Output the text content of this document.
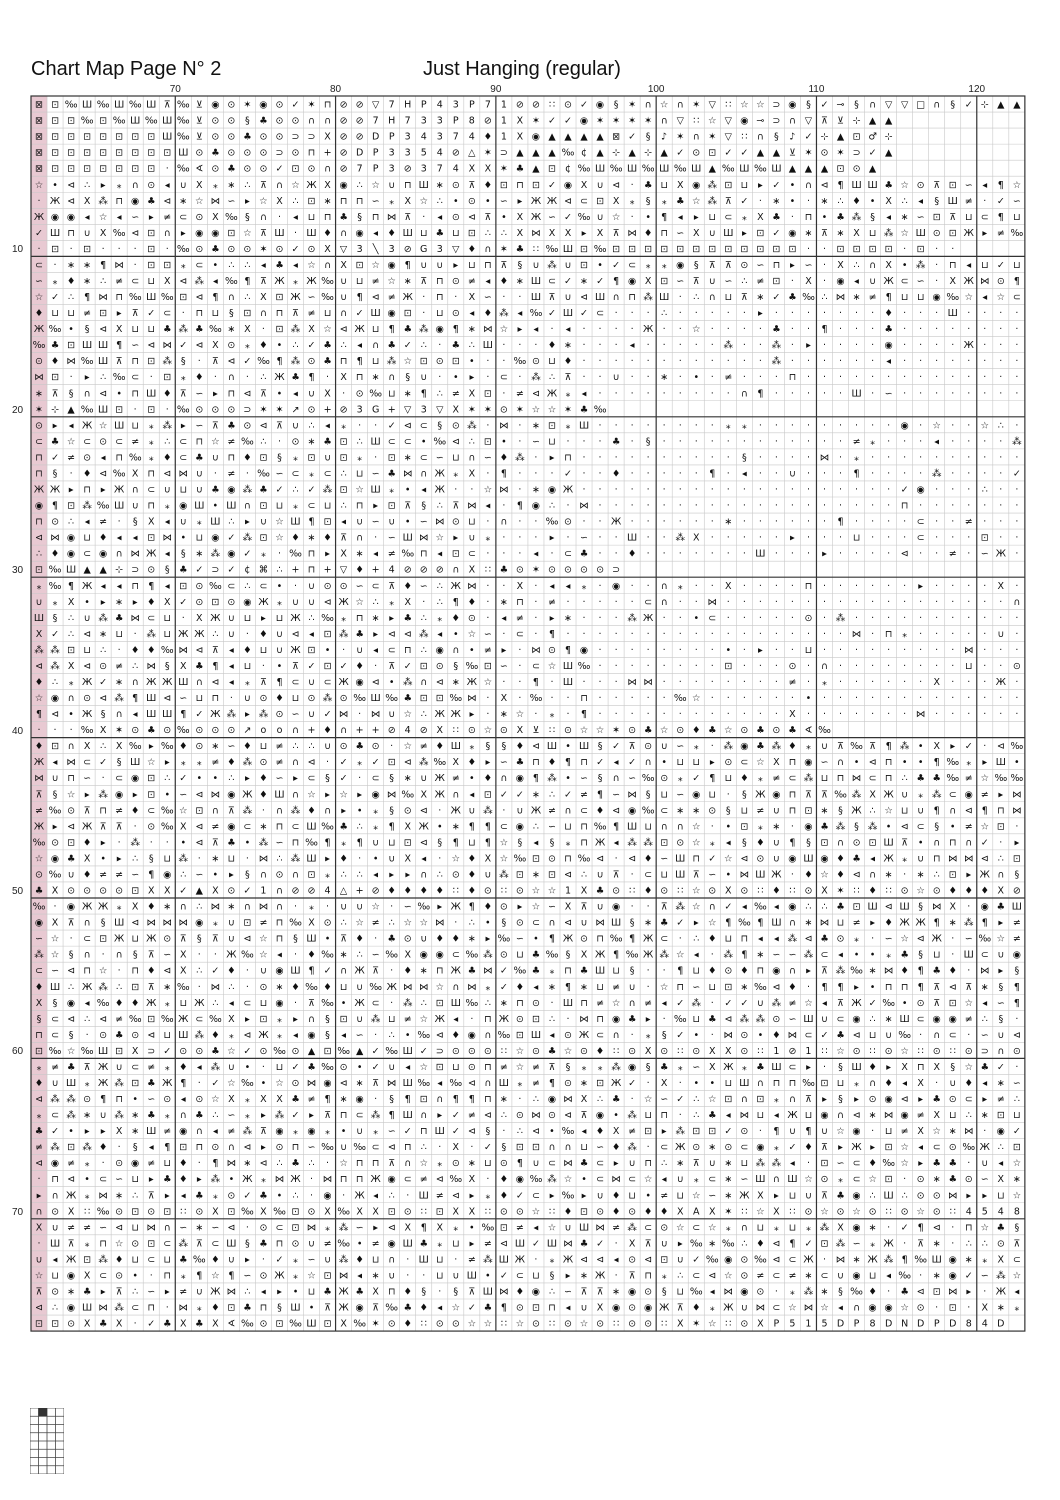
Chart Map Page N° 2	Just Hanging (regular)
70	80	90	100	110	120
10
20
30
40
50
60
70
⊠ ⊡ ‰ Ш ‰ Ш ‰ Ш ⊼ ‰ ⊻ ◉ ⊙ ✶ ◉ ⊙ ✓ ✶ ⊓ ⊘ ⊘ ▽ 7 H P 4 3 P 7 1 ⊘ ⊘ ∷ ⊙ ✓ ◉ § ✶ ∩ ☆ ∩ ✶ ▽ ∷ ☆ ☆ ⊃ ◉ § ✓ ⊸ § ∩ ▽ ▽ □ ∩ § ✓ ⊹ ▲ ▲
⊠ ⊡ ⊡ ‰ ⊡ ‰ Ш ‰ Ш ‰ ⊻ ⊙ ⊙ § ♣ ⊙ ⊙ ∩ ∩ ⊘ ⊘ 7 H 7 3 3 P 8 ⊘ 1 X ✶ ✓ ✓ ◉ ✶ ✶ ✶ ✶ ∩ ▽ ∷ ☆ ▽ ◉ ⊸ ⊃ ∩ ▽ ⊼ ⊻ ⊹ ▲ ▲
⊠ ⊡ ⊡ ⊡ ⊡ ⊡ ⊡ ⊡ Ш ‰ ⊻ ⊙ ⊙ ♣ ⊙ ⊙ ⊃ ⊃ X ⊘ ⊘ D P 3 4 3 7 4 ♦ 1 X ◉ ▲ ▲ ▲ ▲ ⊠ ✓ § ♪ ✶ ∩ ✶ ▽ ∷ ∩ § ♪ ✓ ⊹ ▲ ⊡ ♂ ⊹
⊠ ⊡ ⊡ ⊡ ⊡ ⊡ ⊡ ⊡ ⊡ Ш ⊙ ♣ ⊙ ⊙ ⊙ ⊃ ⊙ ⊓ + ⊘ D P 3 3 5 4 ⊘ △ ✶ ⊃ ▲ ▲ ▲ ‰ ¢ ▲ ⊹ ▲ ⊹ ▲ ✓ ⊙ ⊡ ✓ ✓ ▲ ▲ ⊻ ✶ ⊙ ✶ ⊃ ✓ ▲
⊠ ⊡ ⊡ ⊡ ⊡ ⊡ ⊡ ⊡ · ‰ ∢ ⊙ ♣ ⊙ ⊙ ✓ ⊡ ⊙ ∩ ⊘ 7 P 3 ⊘ 3 7 4 X X ✶ ♣ ▲ ⊡ ¢ ‰ Ш ‰ Ш ‰ Ш ‰ Ш ▲ ‰ Ш ‰ Ш ▲ ▲ ▲ ⊡ ⊙ ▲
☆ • ⊲ ∴ ▸ ⁎ ∩ ⊙ ◂ ∪ X ⁎ ∗ ∴ ⊼ ∩ ☆ Ж X ◉ ∴ ☆ ∪ ⊓ Ш ∗ ⊙ ⊼ ♦ ⊡ ⊓ ⊡ ✓ ◉ X ∪ ⊲ · ♣ ⊔ X ◉ ⁂ ⊡ ⊔ ▸ ✓ • ∩ ⊲ ¶ Ш Ш ♣ ☆ ⊙ ⊼ ⊡ ∽ ◂ ¶ ☆
· Ж ⊲ X ⁂ ⊓ ◉ ♣ ⊲ ∗ ☆ ⋈ ∽ ▸ ☆ X ∴ ⊡ ∗ ⊓ ⊓ ∽ ⁎ X ☆ ∴ • ⊙ • ∽ ▸ Ж Ж ⊲ ⊂ ⊡ X ⁎ § ⁎ ♣ ☆ ⁂ ⊼ ✓ · ∗ • · ∗ ∴ ♦ • X ∴ ◂ § Ш ≠ · ✓ ∽
Ж ◉ ◉ ◂ ☆ ◂ ∽ ▸ ≠ ⊂ ⊙ X ‰ § ∩ · ◂ ⊔ ⊓ ♣ § ⊓ ⋈ ⊼ · ◂ ⊙ ⊲ ⊼ • X Ж ∽ ✓ ‰ ∪ ☆ · • ¶ ◂ ▸ ⊔ ⊂ ⁎ X ♣ · ⊓ • ♣ ⁂ § ◂ ∗ ∽ ⊡ ⊼ ⊔ ⊂ ¶ ⊔
✓ Ш ⊓ ∪ X ‰ ⊲ ⊡ ∩ ▸ ◉ ◉ ⊡ ☆ ⊼ Ш · Ш ♦ ∩ ◉ ◂ ♦ Ш ⊔ ♣ ⊔ ⊡ ∴ ∴ X ⋈ X X ▸ X ⊼ ⋈ ♦ ⊓ ∽ X ∪ Ш ▸ ⊡ ✓ ◉ ∗ ⊼ ∗ X ⊔ ⁂ ☆ Ш ⊙ ⊡ Ж ▸ ≠ ‰
· ⊡ · ⊡ · · · ⊡ · ‰ ⊙ ♣ ⊙ ⊙ ✶ ⊙ ✓ ⊙ X ▽ 3 ╲ 3 ⊘ G 3 ▽ ♦ ∩ ✶ ♣ ∷ ‰ Ш ⊡ ‰ ⊡ ⊡ ⊡ ⊡ ⊡ ⊡ ⊡ ⊡ ⊡ ⊡ ⊡ ⊡ · · ⊡ ⊡ ⊡ ⊡ · ⊡ · ·
⊂ · ∗ ∗ ¶ ⋈ · ⊡ ⊡ ⁎ ⊂ • ∴ ∴ ◂ ♣ ◂ ☆ ∩ X ⊡ ☆ ◉ ¶ ∪ ∪ ▸ ⊔ ⊓ ⊼ § ∪ ⁂ ∪ ⊡ • ✓ ⊂ ⁎ ⁎ ◉ § ⊼ ⊼ ⊙ ∽ ⊓ ▸ ∽ · X ∴ ∩ X • ⁂ · ⊓ ◂ ⊔ ✓ ⊔
∽ ⁎ ♦ ∗ ∴ ≠ ⊂ ⊔ X ⊲ ⁂ ◂ ‰ ¶ ⊼ Ж ⁎ Ж ‰ ∪ ⊔ ≠ ☆ ∗ ⊼ ⊓ ⊙ ≠ ◂ ♦ ∗ Ш ⊂ ✓ ∗ ✓ ¶ ◉ X ⊡ ∽ ⊼ ∪ ∽ ∴ ≠ ⊡ · X · ◉ ◂ ∪ Ж ⊂ ∽ · X Ж ⋈ ⊙ ¶
☆ ✓ ∴ ¶ ⋈ ⊓ ‰ Ш ‰ ⊡ ⊲ ¶ ∩ ∴ X ⊡ Ж ∽ ‰ ∪ ¶ ⊲ ≠ Ж · ⊓ · X ∽ · · Ш ⊼ ∪ ⊲ Ш ∩ ⊓ ⁂ Ш · ∴ ∩ ⊔ ⊼ ∗ ✓ ♣ ‰ ∴ ⋈ ∗ ≠ ¶ ⊔ ⊔ ◉ ‰ ☆ ◂ ☆ ⊂
♦ ⊔ ⊔ ≠ ⊡ ▸ ⊼ ✓ ⊂ · ⊓ ⊔ § ⊡ ∩ ⊓ ⊼ ≠ ⊔ ∩ ✓ Ш ◉ ⊡ · ⊔ ⊙ ◂ ♦ ⁂ ◂ ‰ ✓ Ш ✓ ⊂ · · · ∴ · · · · · ▸ · · · · · · · ♦ · · · Ш · · · ·
Ж ‰ • § ⊲ X ⊔ ⊔ ♣ ⁂ ♣ ‰ ∗ X · ⊡ ⁂ X ☆ ⊲ Ж ⊔ ¶ ♣ ⁂ ◉ ¶ ∗ ⋈ ☆ ▸ ◂ · ◂ · · · · Ж · · ☆ · · · · ♣ · · ¶ · · · ♣ · · · · · · · ·
‰ ♣ ⊡ Ш Ш ¶ ∽ ⊲ ⋈ ✓ ⊲ X ⊙ ⁎ ♦ • ∴ ✓ ♣ ∴ ◂ ∩ ♣ ✓ ∴ · ♣ ∴ Ш · · · ♦ ∗ · · · ◂ · · · · · ⁂ · · ⁂ · ▸ · · · · ◉ · · · · Ж · · ·
⊙ ♦ ⋈ ‰ Ш ⊼ ⊓ ⊡ ⁂ § · ⊼ ⊲ ✓ ‰ ¶ ⁂ ⊙ ♣ ⊓ ¶ ⊔ ⁂ ☆ ⊡ ⊙ ⊡ • · · ‰ ⊙ ⊔ ♦ · · · · · · · · · · · · ⁂ · · · · · · ◂ · · · · · · · ·
⋈ ⊡ · ▸ ∴ ‰ ⊂ · ⊡ ⁎ ♦ · ∩ · ∴ Ж ♣ ¶ · X ⊓ ∗ ∩ § ∪ · • ▸ · ⊂ · ⁂ ∴ ⊼ · · ∪ · · ∗ · • · ≠ · · · ⊓ · · · · · · · · · · · · · ·
∗ ⊼ § ∩ ⊲ • ⊓ Ш ♦ ⊼ ∽ ▸ ⊓ ⊲ ⊼ • ◂ ∪ X · ⊙ ‰ ⊔ ∗ ¶ ∴ ≠ X ⊡ · ≠ ⊲ Ж ⁎ ◂ · · · · · · · · · ∩ ¶ · · · · · Ш · ∽ · · · · · · · ·
✶ ⊹ ▲ ‰ Ш ⊡ · ⊡ · ‰ ⊙ ⊙ ⊙ ⊃ ✶ ✶ ↗ ⊙ + ⊘ 3 G + ▽ 3 ▽ X ✶ ✶ ⊙ ✶ ☆ ☆ ✶ ♣ ‰
⊙ ▸ ◂ Ж ☆ Ш ⊔ ⁎ ⁂ ▸ ∽ ⊼ ♣ ⊙ ⊲ ⊼ ∪ ∴ ◂ ⁎ · · ✓ ⊲ ⊂ § ⊙ ⁂ · ⋈ · ∗ ⊡ ⁎ Ш · · · · · · · · ⁎ ⁎ · · · · · · · · · ◉ · ☆ · · ☆ ∴ ·
⊂ ♣ ☆ ⊂ ⊙ ⊂ ≠ ⁎ ∴ ⊂ ⊓ ☆ ≠ ‰ ∴ · ⊙ ∗ ♣ ⊡ ∴ Ш ⊂ ⊂ • ‰ ⊲ ∴ ⊡ • · ∽ ⊔ · · · ♣ · § · · · · · · · · · · · · ≠ ⁎ · · · ◂ · · · · ⁂
⊓ ✓ ≠ ⊙ ◂ ⊓ ‰ ⁎ ♦ ⊂ ♣ ∪ ⊓ ♦ ⊡ § ⁎ ⊡ ∪ ⊡ ⁎ · ⊡ ∗ ⊂ ∽ ⊔ ∩ ∽ ♦ ⁂ · ▸ ⊓ · · · · · · · · · · § · · · · ⋈ · ⁎ · · · · · · · · · ·
⊓ § · ♦ ⊲ ‰ X ⊓ ⊲ ⋈ ∪ · ≠ · ‰ ∽ ⊂ ⁎ ⊂ ∴ ⊔ ∽ ♣ ⋈ ∩ Ж ⁎ X · ¶ · · · ✓ · · ♦ · · · · · ¶ · ◂ · · ∪ · · · ¶ · · · · ⁂ · · · · ✓
Ж Ж ▸ ⊓ ▸ Ж ∩ ⊂ ∪ ⊔ ∪ ♣ ◉ ⁂ ♣ ✓ ∴ ✓ ⁂ ⊡ ☆ Ш ⁎ • ◂ Ж · · ☆ ⋈ · ∗ ◉ Ж · · · · · · · · · · · · · · · · · · · · ✓ ◉ · · · ∴ · ·
◉ ¶ ⊡ ⁂ ‰ Ш ∪ ⊓ ⁎ ◉ Ш • Ш ∩ ⊡ ⊔ ⁎ ⊂ ⊔ ∴ ⊓ ▸ ⊡ ⊼ § ∴ ⊼ ⋈ ◂ · ¶ ◉ ∴ · ⋈ · · · · · · · · · · · · · · · · · · · ⊓ · · · · · · ·
⊓ ⊙ ∴ ◂ ≠ · § X ◂ ∪ ⁎ Ш ∴ ▸ ∪ ☆ Ш ¶ ⊡ ◂ ∪ ∽ ∪ • ∽ ⋈ ⊙ ⊔ · ∩ · · ‰ ⊙ · · Ж · · · · · · ∗ · · · · · · ¶ · · · · ⊂ · · ≠ · · ·
⊲ ⋈ ◉ ⊔ ♦ ◂ ◂ ⊡ ⋈ • ⊔ ◉ ✓ ⁂ ⊡ ☆ ♦ ∗ ♦ ⊼ ∩ · ∽ Ш ⋈ ☆ ▸ ∪ ⁎ · · · ▸ · ∽ · · Ш · · ⁂ X · · · · · ▸ · · · ⊔ · · · ⊂ · · · ⊡ · ·
∴ ♦ ◉ ⊂ ◉ ∩ ⋈ Ж ◂ § ∗ ⁂ ◉ ✓ ⁎ · ‰ ⊓ ▸ X ∗ ◂ ≠ ‰ ⊓ ◂ ⊡ ⊂ · · · ◂ · ⊂ ♣ · · ♦ · · · · · · · Ш · · · ▸ · · · · ⊲ · · ≠ · ∽ Ж ·
⊡ ‰ Ш ▲ ▲ ⊹ ⊃ ⊙ § ♣ ✓ ⊃ ✓ ¢ ⌘ ∴ + ⊓ + ▽ ♦ + 4 ⊘ ⊘ ⊘ ∩ X ∷ ♣ ⊙ ✶ ⊙ ⊙ ⊙ ⊙ ⊃
⁎ ‰ ¶ Ж ◂ ◂ ⊓ ¶ ◂ ⊡ ⊙ ‰ ⊂ ∴ ⊂ • · ∪ ⊙ ⊙ ∽ ⊂ ⊼ ♦ ∽ ∴ Ж ⋈ · · X · ◂ ◂ ⁎ · ◉ · · ∩ ⁎ · · X · · · · ⊓ · · · · · · ▸ · · · · X ·
∪ ⁎ X • ▸ ∗ ▸ ♦ X ✓ ⊙ ⊡ ⊙ ◉ Ж ⁎ ∪ ∪ ⊲ Ж ☆ ∴ ⁎ X · ∴ ¶ ♦ · ∗ ⊓ · ≠ · · · · · ⊂ ∩ · · ⋈ · · · · · · · · · · · · · · · · · · ∩
Ш § ∴ ∪ ⁂ ♣ ⋈ ⊂ ⊔ · X Ж ∪ ⊔ ▸ ⊔ Ж ∴ ‰ ⁎ ⊓ ∗ ▸ ♣ ∴ ⁎ ♦ ⊙ · ◂ ≠ · ▸ ∗ · · · ⁂ Ж · · • ⊂ · · · · · ⊙ · ⁂ · · · · · · · · · · ·
X ✓ ∴ ⊲ ∗ ⊔ · ⁂ ⊔ Ж Ж ∴ ∪ · ♦ ∪ ⊲ ◂ ⊡ ⁂ ♣ ▸ ⊲ ⊲ ⁂ ◂ • ☆ ∽ · ⊂ · ¶ · · · · · · · · · · · · · · · · · · ⋈ · ⊓ ⁎ · · · · · ∪ ·
⁂ ⁂ ⊡ ⊔ ∴ · ♦ ♦ ‰ ⋈ ⊲ ⊼ ◂ ♦ ⊔ ∪ Ж ⊡ • · ∪ ◂ ⊂ ⊓ ∴ ◉ ∩ • ≠ ▸ · ⋈ ⊙ ¶ ◉ · · · · · · · · • · ▸ · · ⊔ · · · · · · · · · ⋈ · · ·
⊲ ⁂ X ⊲ ⊙ ≠ ∴ ⋈ § X ♣ ¶ ◂ ⊔ · • ⊼ ✓ ⊡ ✓ ♦ · ⊼ ✓ ⊡ ⊙ § ‰ ⊡ ∽ · ⊂ ☆ Ш ‰ · · · · · · · · ⊡ · · · ⊙ · ∩ · · · · · · · · ⊔ · · ⊙
♦ ∴ ⁎ Ж ✓ ∗ ∩ Ж Ж Ш ∩ ⊲ ◂ ⁎ ⊼ ¶ ⊂ ∪ ⊂ Ж ◉ ⊲ • ⁂ ∩ ⊲ ∗ Ж ☆ · · ¶ · Ш · · · ⋈ ⋈ · · · · · · · · ≠ · ⁎ · · · · · · X · · · Ж ·
☆ ◉ ∩ ⊙ ⊲ ⁂ ¶ Ш ⊲ ∽ ⊔ ⊓ · ∪ ⊙ ♦ ⊔ ⊙ ⁂ ⊙ ‰ Ш ‰ ♣ ⊡ ⊡ ‰ ⋈ · X · ‰ · · ⊓ · · · · · ‰ ☆ · · · · · · • · · · · · · · · · · · · ·
¶ ⊲ • Ж § ∩ ◂ Ш Ш ¶ ✓ Ж ⁂ ▸ ⁂ ⊙ ∽ ∪ ✓ ⋈ · ⋈ ∪ ☆ ∴ Ж Ж ▸ · ∗ ☆ · ⁎ · ¶ · · · · · · · · · · · · X · · · · · · · ⋈ · · · · · ·
· · · ‰ X ✶ ⊙ ♣ ⊙ ‰ ⊙ ⊙ ⊙ ↗ o o ∩ + ♦ ∩ + + ⊘ 4 ⊘ X ∷ ⊙ ☆ ⊙ X ⊻ ∷ ⊙ ☆ ☆ ✶ ⊙ ♣ ☆ ⊙ ♦ ♣ ☆ ⊙ ♣ ⊙ ♣ ∢ ‰
♦ ⊡ ∩ X ∴ X ‰ ▸ ‰ ♦ ⊙ ∗ ∽ ♦ ⊔ ≠ ∴ ∴ ∪ ⊙ ♣ ⊙ · ☆ ≠ ♦ Ш ⁎ § § ♦ ⊲ Ш • Ш § ✓ ⊼ ⊙ ∪ ∽ ⁎ · ⁂ ◉ ♣ ⁂ ♦ ⁎ ∪ ⊼ ‰ ⊼ ¶ ⁂ • X ▸ ✓ · ⊲ ‰
Ж ◂ ⋈ ⊂ ✓ § Ш ☆ ▸ ⁎ ⁎ ≠ ♦ ⁂ ⊙ ≠ ∩ ⊲ · ✓ ⁎ ✓ ⊡ ⊲ ⁂ ‰ X ♦ ▸ ∽ ♣ ⊓ ♦ ¶ ⊓ ✓ ◂ ✓ ∩ • ⊔ ⊔ ▸ ⊙ ⊂ ☆ X ⊓ ◉ ∽ ∩ • ⊲ ⊓ • • ¶ ‰ ⁎ ▸ Ш •
⋈ ∪ ⊓ ∽ · ⊂ ◉ ⊡ ∴ ✓ • • ∴ ▸ ♦ ∽ ▸ ⊂ § ✓ · ⊂ § ∗ ∪ Ж ≠ • ♦ ∩ ◉ ¶ ⁂ • ∽ § ∩ ∽ ‰ ⊙ ⁎ ✓ ¶ ⊔ ♦ ⁎ ≠ ⊂ ⁂ ⊔ ⊓ ⋈ ⊂ ⊓ ∴ ♣ ♣ ‰ ≠ ☆ ‰ ‰
⊼ § ☆ ▸ ⁂ ◉ ▸ ⊡ • ∽ ⊲ ⋈ ◉ Ж ♦ Ш ∩ ☆ ▸ ☆ ▸ ◉ ⋈ ‰ X Ж ∩ ◂ ⊡ ✓ ✓ ∗ ∴ ✓ ≠ ¶ ∽ ⋈ § ⊔ ∽ ◉ ⊔ · § Ж ◉ ⊓ ⊼ ⊼ ‰ ⁂ X Ж ∪ ⁎ ⁂ ⊂ ◉ ≠ ▸ ⋈
≠ ‰ ⊙ ⊼ ⊓ ≠ ♦ ⊂ ‰ ☆ ⊡ ∩ ⊼ ⁂ · ∩ ⁂ ♦ ∩ ▸ • ⁎ § ⊙ ⊲ · Ж ∪ ⁂ · ∪ Ж ≠ ∩ ⊂ ♦ ⊲ ◉ ‰ ⊂ ∗ ∗ ⊙ § ⊔ ≠ ∪ ⊓ ⊡ ∗ § Ж ∴ ☆ ⊔ ∪ ¶ ∩ ⊲ ¶ ⊓ ⋈
Ж ▸ ⊲ Ж ⊼ ⊼ · ⊙ ‰ X ⊲ ≠ ◉ ⊂ ∗ ⊓ ⊂ Ш ‰ ♣ ∴ ⁎ ¶ X Ж • ∗ ¶ ¶ ⊂ ◉ ∴ ∽ ⊔ ⊓ ‰ ¶ Ш ⊔ ∩ ∩ ☆ · • ⊡ ⁎ ∗ · ◉ ♣ ⁂ § ⁂ • ⊲ ⊂ § • ≠ ☆ ⊡ ·
‰ ⊙ ⊡ ♦ ▸ · ⁂ · · • ⊲ ⊼ ♣ • ⁂ ∽ ⊓ ‰ ¶ ⁎ ¶ ∪ ⊔ ⊡ ⊲ § ¶ ⊔ ¶ ☆ § ◂ § ⁎ ⊓ Ж ◂ ⁂ ⁂ ⊡ ⊙ ☆ ⁎ ◂ § ♦ ∪ ¶ § ⊡ ∩ ⊙ ⊡ Ш ⊼ • ∩ ⊓ ∩ ✓ · ▸
☆ ◉ ♣ X • ▸ ∴ § ⊔ ⁂ · ∗ ⊔ · ⋈ ∴ ⁂ Ш ▸ ♦ · • ∪ X ◂ · ☆ ♦ X ☆ ‰ ⊡ ⊙ ⊓ ‰ ⊲ · ⊲ ♦ ∽ Ш ⊓ ✓ ☆ ⊲ ⊙ ∪ ◉ Ш ◉ ♦ ♣ ◂ Ж ⁎ ∪ ⊓ ⋈ ⋈ ⊲ ∴ ⊡
⊙ ‰ ∪ ♦ ≠ ≠ ∽ ¶ ◉ ∴ ∽ • ▸ § ∩ ⊙ ∩ ⊡ ⁎ ∴ ∴ ◂ ▸ ▸ ∩ ∴ ⊙ ♦ ∪ ⁂ ⊡ ∗ ⊡ ⊲ ∴ ∪ ⊼ · ⊂ ⊔ Ш ⊼ ∽ • ⋈ Ш Ж · ♦ ☆ ♦ ⊲ ∩ ∗ · ∗ ∴ ⊡ ▸ Ж ∩ §
♣ X ⊙ ⊙ ⊙ ⊙ ⊡ X X ✓ ▲ X ⊙ ✓ 1 ∩ ⊘ ⊘ 4 △ + ⊘ ♦ ♦ ♦ ♦ ∷ ♦ ⊙ ∷ ⊙ ☆ ☆ 1 X ♣ ⊙ ∷ ♦ ⊙ ∷ ☆ ⊙ X ⊙ ∷ ♦ ∷ ⊙ X ✶ ∷ ♦ ∷ ⊙ ☆ ⊙ ♦ ♦ ♦ X ⊘
‰ · ◉ Ж Ж ⁎ X ♦ ∗ ∩ ∴ ⋈ ∗ ∩ ⋈ ∩ · ⁎ · ∪ ∪ ☆ · ∽ ‰ ▸ Ж ¶ ♦ ⊙ ▸ ☆ ∽ X ⊼ ∪ ◉ · · ⊼ ⁂ ☆ ∩ ✓ ◂ ‰ ◂ ◉ ∴ ∴ ♣ ⊡ Ш ⊲ Ш § ⋈ X · ◉ ♣ Ш
◉ X ⊼ ∩ § Ш ⊲ ⋈ ⋈ ⋈ ◉ ⁎ ∪ ⊡ ≠ ⊓ ‰ X ⊙ ∴ ☆ ≠ ∴ ☆ ☆ ⋈ · ∴ • § ⊙ ⊂ ∩ ⊲ ∪ ⋈ Ш § ∗ ♣ ✓ ▸ ☆ ¶ ‰ ¶ Ш ∩ ∗ ⋈ ⊔ ≠ ▸ ♦ Ж Ж ¶ ∗ ⁂ ¶ ▸ ≠
∽ ☆ · ⊂ ⊡ Ж ⊔ Ж ⊙ ⊼ § ⊼ ∪ ⊲ ☆ ⊓ § Ш • ⊼ ♦ · ♣ ⊙ ∪ ♦ ♦ ∗ ▸ ‰ ∽ • ¶ Ж ⊙ ⊓ ‰ ¶ Ж ⊂ · ∴ ♦ ⊔ ⊓ ◂ ◂ ⁂ ⊲ ♣ ⊙ ⁎ · ∽ ☆ ⊲ Ж · ∽ ‰ ☆ ≠
⁂ ☆ § ∩ · ∩ § ⊼ ∽ X · · Ж ‰ ☆ ◂ · ♦ ‰ ∗ ∴ ∽ ‰ X ◉ ◉ ⊂ ‰ ⁂ ⊙ ⊔ ♣ ‰ § X Ж ¶ ‰ Ж ⁂ ☆ ◂ · ⁂ ¶ ∗ ∽ ∽ ⁂ ⊂ ◂ • • ⁎ ♣ § ⊔ · Ш ⊂ ∪ ◉
⊂ ∽ ⊲ ⊓ ☆ · ⊓ ♦ ⊲ X ∴ ✓ ♦ · ∪ ◉ Ш ¶ ✓ ∩ Ж ⊼ · ♦ ∗ ⊓ Ж ♣ ⋈ ✓ ‰ ♣ ⁎ ⊓ ♣ Ш ⊔ § · · ¶ ⊔ ♦ ⊙ ♦ ⊓ ◉ ∩ ▸ ⊼ ⁂ ‰ ∗ ⋈ ♦ ¶ ♣ ♦ · ⋈ ▸ §
♦ Ш ∴ Ж ⁂ ∴ ⊡ ⊼ ∗ ‰ · ⋈ ∴ · ⊙ ∗ ♦ ‰ ♦ ⊔ ∪ ‰ Ж ⋈ ⋈ ☆ ∩ ⋈ ⁎ ✓ ♦ ◂ ∗ ¶ ∗ ⊔ ≠ ∪ · ☆ ⊓ ∽ ⊔ ⊡ ∗ ‰ ⊲ ♦ · ¶ ¶ ▸ • ⊓ ⊓ ¶ ⊼ ⊲ ⊼ ∗ § ¶
X § ◉ ◂ ‰ ♦ ♦ Ж ⁎ ⊔ Ж ∴ ◂ ⊂ ⊔ ◉ · ⊼ ‰ • Ж ⊂ · ⁂ ∴ ⊡ Ш ‰ ∴ ∗ ⊓ ⊙ · Ш ⊓ ≠ ☆ ∩ ≠ ◂ ✓ ⁂ · ✓ ✓ ∪ ⁂ ≠ ☆ ◂ ⊼ Ж ✓ ‰ • ⊙ ⊼ ⊡ ☆ ◂ ∽ ¶
§ ⊂ ⊲ ∴ ⊲ ≠ ‰ ⊡ ‰ Ж ⊂ ‰ X ▸ ⊡ ⁎ ▸ ∩ § ⊡ ∪ ⁂ ⊔ ≠ ☆ Ж ◂ · ⊓ Ж ⊙ ⊡ ∴ · ⋈ ⊓ ◉ ♣ ▸ · ‰ ⊔ ♣ ⊲ ⁂ ⁂ ⊙ ∽ Ш ∪ ⊂ ◉ ∴ ∗ Ш ⊂ ◉ ◉ ≠ ∴ § ·
⊓ ⊂ § · ⊙ ♣ ⊙ ⊲ ⊔ Ш ⁂ ♦ ⁎ ⊲ Ж ⁎ ◂ ◉ § ◂ ∽ · ∴ • ‰ ⊲ ♦ ◉ ∩ ‰ ⊡ Ш ◂ ⊙ Ж ⊂ ∩ · ⁎ § ✓ • · ⋈ ⊙ • ♦ ⋈ ⊂ ✓ ♣ ⊲ ⊔ ∪ ‰ · ∩ ⊂ · ∽ ∪ ⊲
⊡ ‰ ☆ ‰ Ш ⊡ X ⊃ ✓ ⊙ ⊙ ♣ ☆ ✓ ⊙ ‰ ⊙ ▲ ⊡ ‰ ▲ ✓ ‰ Ш ✓ ⊃ ⊙ ⊙ ⊙ ∷ ☆ ⊙ ♣ ☆ ⊙ ♦ ∷ ⊙ X ⊙ ∷ ⊙ X X ⊙ ∷ 1 ⊘ 1 ∷ ☆ ⊙ ∷ ⊙ ☆ ∷ ⊙ ∷ ⊙ ⊃ ∩ ⊙
⁎ ≠ ♣ ⊼ Ж ∪ ⊂ ≠ ⁎ ♦ ◂ ⁂ ∪ • · ⊔ ✓ ♣ ‰ ⊙ • ✓ ∪ ◂ ☆ ⊡ ⊔ ⊙ ⊓ ≠ ☆ ≠ ⊼ § ⁎ ⁎ ⁂ ◉ § ♣ ⁎ ∽ X Ж ⁎ ♣ Ш ⊂ ▸ · § Ш ♦ ▸ X ⊓ X § ☆ ♣ ✓ ·
♦ ∪ Ш ⁎ Ж ⁂ ⊡ ♣ Ж ¶ · ✓ ☆ ‰ • ☆ ⊙ ⋈ ◉ ⊲ ∗ ⊼ ⋈ Ш ‰ ◂ ‰ ⊲ ∩ Ш ⁎ ≠ ¶ ⊙ ∗ ⊡ Ж ✓ · X · • • ⊔ Ш ∩ ⊓ ⊓ ‰ ⊡ ⊔ ⁎ ∩ ♦ ◂ X · ∪ ♦ ◂ ∗ ∽
⊲ ⁂ ⁂ ⊙ ¶ ⊓ • ∽ ⊙ ◂ ⊙ ☆ X ⁎ X X ♣ ≠ ¶ ∗ ◉ · § ¶ ⊡ ∩ ¶ ¶ ⊓ ∗ · ∴ ◉ ⋈ X ∴ ♣ · ☆ ∽ ✓ ∴ ☆ ⊡ ∩ ⊡ ⁎ ∩ ⊼ ▸ § ▸ ⊙ ◉ ⊲ ▸ ♣ ⊙ ⊂ ▸ ≠ ∴
⁎ ⊂ ⁂ ∗ ∪ ⁂ ∗ ♣ ⁎ ∩ ♣ ∴ ∽ ⁎ ▸ ⁂ ✓ ▸ ⊼ ⊓ ⊂ ⁂ ¶ Ш ∩ ▸ ✓ ≠ ⊲ ∴ ⊙ ⋈ ⊙ ⊲ ⊼ ◉ • ⁂ ⊔ ⊓ · ∴ ♣ ◂ ⋈ ⊔ ◂ Ж ⊔ ◉ ∩ ⊲ ∗ ⋈ ◉ ≠ X ⊔ ∴ ∗ ⊡ ⊔
♣ ✓ • ▸ ▸ X ∗ Ш ≠ ◉ ∩ ◂ ≠ ⁂ ⊼ ◉ ⁎ ◉ ⁎ • ∪ ⁎ ∽ ✓ ⊓ Ш ✓ ⊲ § · ∴ ⊲ • ‰ ◂ ♦ X ≠ ⊡ ▸ ⁂ ⊡ ⊡ ✓ ⊙ · ¶ ∪ ¶ ∪ ☆ ◉ · ⊔ ≠ X ☆ ∗ ⋈ · ◉ ✓
≠ ⁂ ⊡ ⁂ ♦ · § ◂ ¶ ⊡ ⊓ ⊙ ∩ ⊲ ▸ ⊙ ⊓ ∽ ‰ ∪ ‰ ⊂ ⊲ ⊓ ∴ · X · ✓ § ⊡ ⊡ ∩ ∩ ⊔ ∽ ♦ ⁂ · ⊂ Ж ⊙ ∗ ⊙ ⊂ ◉ ⁎ ✓ ♦ ⊼ ▸ Ж ▸ ⊡ ☆ ◂ ⊂ ⊙ ‰ Ж ∴ ⊡
⊲ ◉ ≠ ⁎ · ⊙ ◉ ≠ ⊔ ♦ · ¶ ⋈ ∗ ⊲ ∴ ♣ ∴ · ☆ ⊓ ⊓ ⊼ ∩ ☆ ⁎ ⊙ ∗ ⊔ ⊙ ¶ ∪ ⊂ ⋈ ♣ ⊂ ▸ ∪ ⊓ ∴ ∗ ⊼ ∪ ∗ ⊔ ⁂ ⁂ ◂ · ⊡ ∽ ⊂ ♦ ‰ ☆ ▸ ♣ ♣ · ∪ ◂ ☆
· ⊓ ⊲ • ⊂ ∽ ⊔ ▸ ♣ ♦ ▸ ⁂ • Ж ⁎ ⋈ Ж · ⋈ ⊓ ⊓ Ж ◉ ⊂ ≠ ⊲ ‰ X · ♦ ◉ ‰ ⁂ ☆ • ⊂ ⋈ ⊂ ☆ ◂ ∪ ⁎ ⊂ ∗ ∽ Ш ∩ Ш ☆ ⊙ ⁎ ⊂ ☆ ⊡ · ⊙ ∗ ♣ ⊙ ∽ X ∗
▸ ∩ Ж ⁎ ⋈ ∗ ∴ ⊼ ▸ ◂ ♣ ⁎ ⊙ ✓ ♣ • ∴ · ◉ · Ж ◂ ∴ · Ш ≠ ⊲ ▸ ⁎ ♦ ✓ ⊂ ▸ ‰ ▸ ∪ ♦ ⊔ • ≠ ⊔ ☆ ∽ ∗ Ж X ▸ ⊔ ∪ ⊼ ♣ ◉ ∴ Ш ∴ ⊙ ⊙ ⋈ ▸ ▸ ⊔ ☆
∩ ⊙ X ∷ ‰ ⊙ ⊡ ⊙ ⊡ ∷ ⊙ X ⊡ ‰ X ‰ ⊡ ⊙ X ‰ X X ⊡ ⊙ ∷ ⊡ X X ∷ ⊙ ⊙ ☆ ∷ ♦ ⊡ ⊙ ♦ ⊙ ♦ ♦ X A X ✶ ∷ ☆ X ∷ ⊙ ☆ ⊙ ☆ ⊙ ∷ ⊙ ☆ ⊙ ∷ 4 5 4 8
X ∪ ≠ ≠ ∽ ⊲ ⊔ ⋈ ∩ ∽ ∗ ∽ ⊲ · ⊙ ⊂ ⊡ ⋈ ⁎ ⁂ ∽ ▸ ⊲ X ¶ X ⁎ • ‰ ⊡ ≠ ◂ ☆ ∪ Ш ⋈ ≠ ⁂ ⊂ ⊙ ☆ ⊂ ☆ ⁎ ∩ ⊔ ⁎ ⊔ ⁎ ⁂ X ◉ ∗ · ✓ ¶ ⊲ · ⊓ ☆ ♣ §
· Ш ⊼ ⁎ ⊓ ☆ ⊙ ⊡ ⊂ ⁂ ⊼ ⊂ Ш § ♣ ⊓ ⊙ ∪ ≠ ‰ • ≠ ◉ Ш ♣ ⁎ ⊔ ▸ ≠ ⊲ Ш ✓ Ш ⋈ ♣ ✓ · X ⊼ ∪ ▸ ‰ ∗ ‰ ∴ ♦ ⊲ ¶ ✓ ⊡ ⁂ ∽ ⁎ Ж · ⊼ ∗ · ∴ ∴ ⊙ ⊼
∪ ◂ Ж ⊡ ⁂ ♦ ⊔ ⊂ ⊔ ♣ ‰ ♦ ∪ ▸ · ✓ ⁎ ∽ ∪ ⁂ ♦ ⊔ ∩ · Ш ⊔ · ≠ ⁂ Ш Ж · ⁎ Ж ⊲ ⊲ ◂ ⊙ ⊲ ⊡ ∪ ✓ ‰ ◉ ⊙ ‰ ⊲ ⊂ Ж · ⋈ ∗ Ж ⁂ ¶ ‰ Ш ◉ ∗ ⁎ X ⊂
☆ ⊔ ◉ X ⊂ ⊙ • · ⊓ ⁎ ¶ ☆ ¶ ∽ ⊙ Ж ⁎ ☆ ⊡ ⋈ ◂ ∗ ∪ · · ⊔ ∪ Ш • ✓ ⊂ ⊔ § ▸ ∗ Ж · ⊼ ⊓ ⁎ ∴ ⊂ ⊲ ☆ ⊙ ≠ ⊂ ≠ ∗ ⊂ ∪ ◉ ⊔ ◂ ‰ · ∗ ◉ ✓ ∽ ⁂ ☆
⊼ ⊙ ∗ ♣ ▸ ⊼ ∴ ∽ ▸ ≠ ∪ Ж ⋈ ∴ ◂ ▸ • ⊔ ♣ Ж ♣ X ⊓ ♦ § · § ⊼ Ш ⋈ ♦ ◉ ∴ ∽ ⊼ ⊼ ∗ ◉ ⊙ § ⊔ ‰ ◂ ⋈ ◉ ⊙ · ⁎ ⁂ ∗ § ‰ ♦ · ♣ ⊲ ⊡ ⋈ ▸ · Ж ◂
⊲ ∴ ◉ Ш ⋈ ⁂ ⊂ ⊓ · ⋈ ⁎ ♦ ⊡ ♣ ⊓ § Ш • ⊼ Ж ◉ ⊼ ‰ ♣ ♦ ◂ ☆ ✓ ♣ ¶ ⊙ ⊡ ⊓ ◂ ∪ X ◉ ⊙ ◉ Ж ⊼ ♦ ⁎ Ж ∪ ⋈ ⊂ ☆ ⋈ ☆ ◂ ∩ ◉ ◉ ☆ ⊙ · ⊡ · X ∗ ⁎
⊡ ⊡ ⊙ X ♣ X · ✓ ♣ X ♣ X ∢ ‰ ⊙ ⊡ ‰ Ш ⊡ X ‰ ✶ ⊙ ♦ ∷ ⊙ ⊙ ☆ ☆ ∷ ☆ ⊙ ∷ ⊙ ☆ ⊙ ∷ ⊙ ⊙ ∷ X ✶ ☆ ∷ ⊙ X P 5 1 5 D P 8 D N D P D 8 4 D
